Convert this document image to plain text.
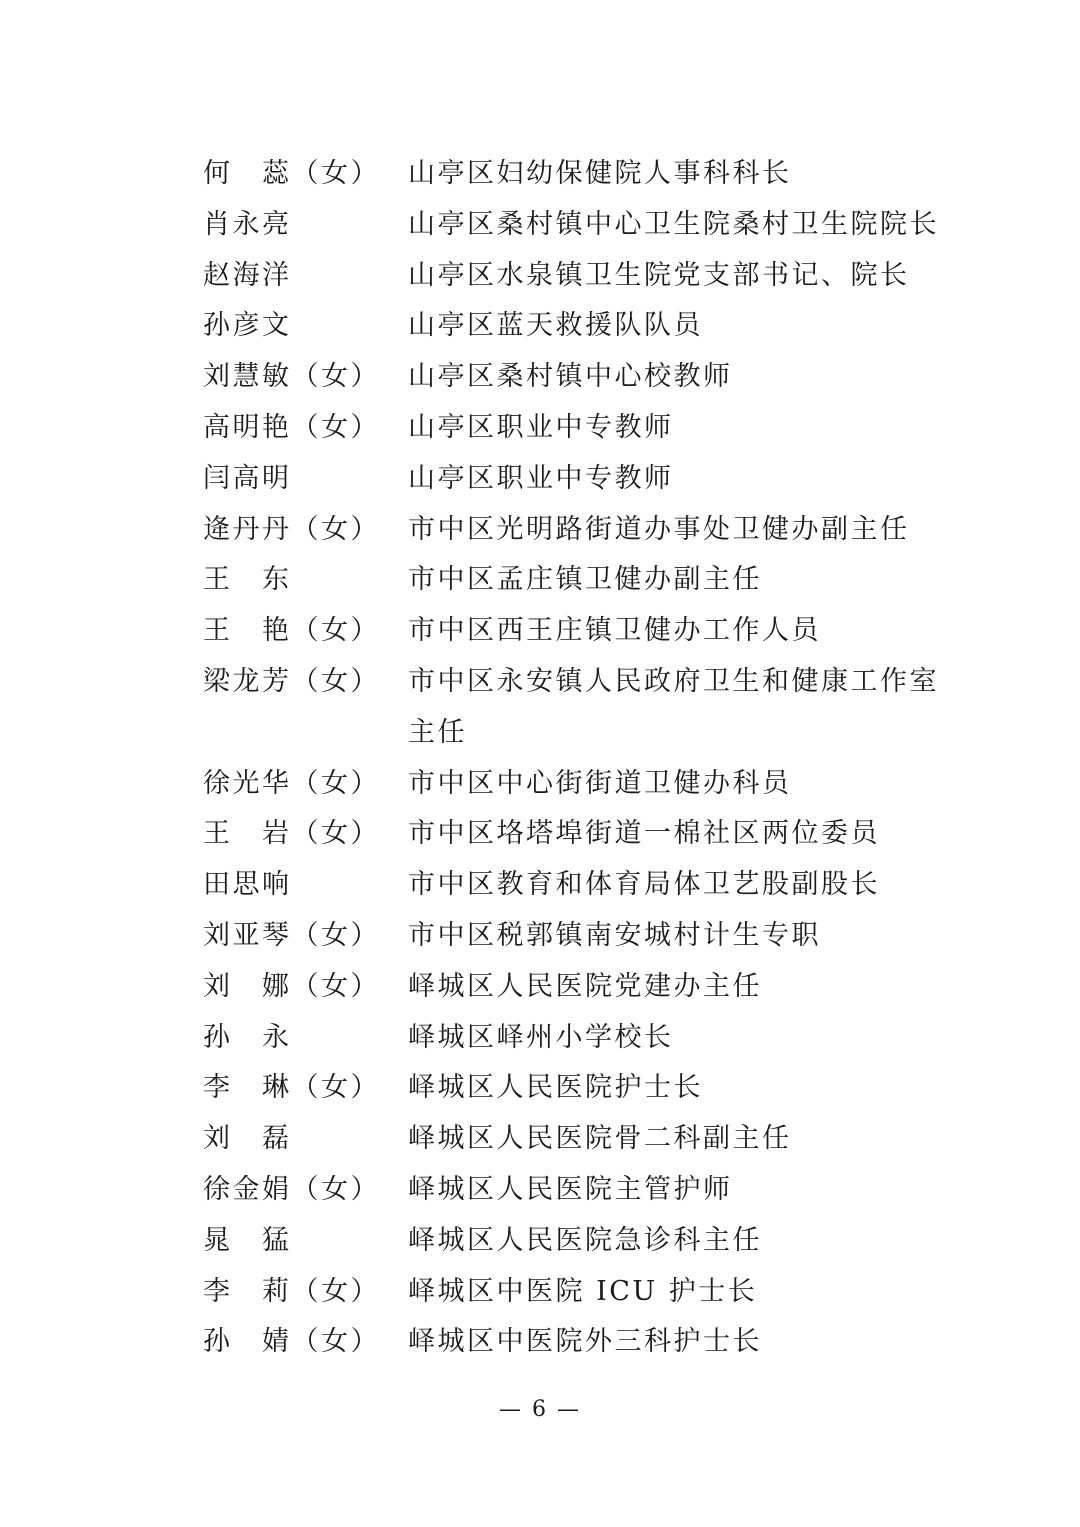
何　蕊（女）	山亭区妇幼保健院人事科科长
肖永亮	山亭区桑村镇中心卫生院桑村卫生院院长
赵海洋	山亭区水泉镇卫生院党支部书记、院长
孙彦文	山亭区蓝天救援队队员
刘慧敏（女）	山亭区桑村镇中心校教师
高明艳（女）	山亭区职业中专教师
闫高明	山亭区职业中专教师
逄丹丹（女）	市中区光明路街道办事处卫健办副主任
王　东	市中区孟庄镇卫健办副主任
王　艳（女）	市中区西王庄镇卫健办工作人员
梁龙芳（女）	市中区永安镇人民政府卫生和健康工作室主任
徐光华（女）	市中区中心街街道卫健办科员
王　岩（女）	市中区垎塔埠街道一棉社区两位委员
田思响	市中区教育和体育局体卫艺股副股长
刘亚琴（女）	市中区税郭镇南安城村计生专职
刘　娜（女）	峄城区人民医院党建办主任
孙　永	峄城区峄州小学校长
李　琳（女）	峄城区人民医院护士长
刘　磊	峄城区人民医院骨二科副主任
徐金娟（女）	峄城区人民医院主管护师
晁　猛	峄城区人民医院急诊科主任
李　莉（女）	峄城区中医院 ICU 护士长
孙　婧（女）	峄城区中医院外三科护士长
— 6 —
